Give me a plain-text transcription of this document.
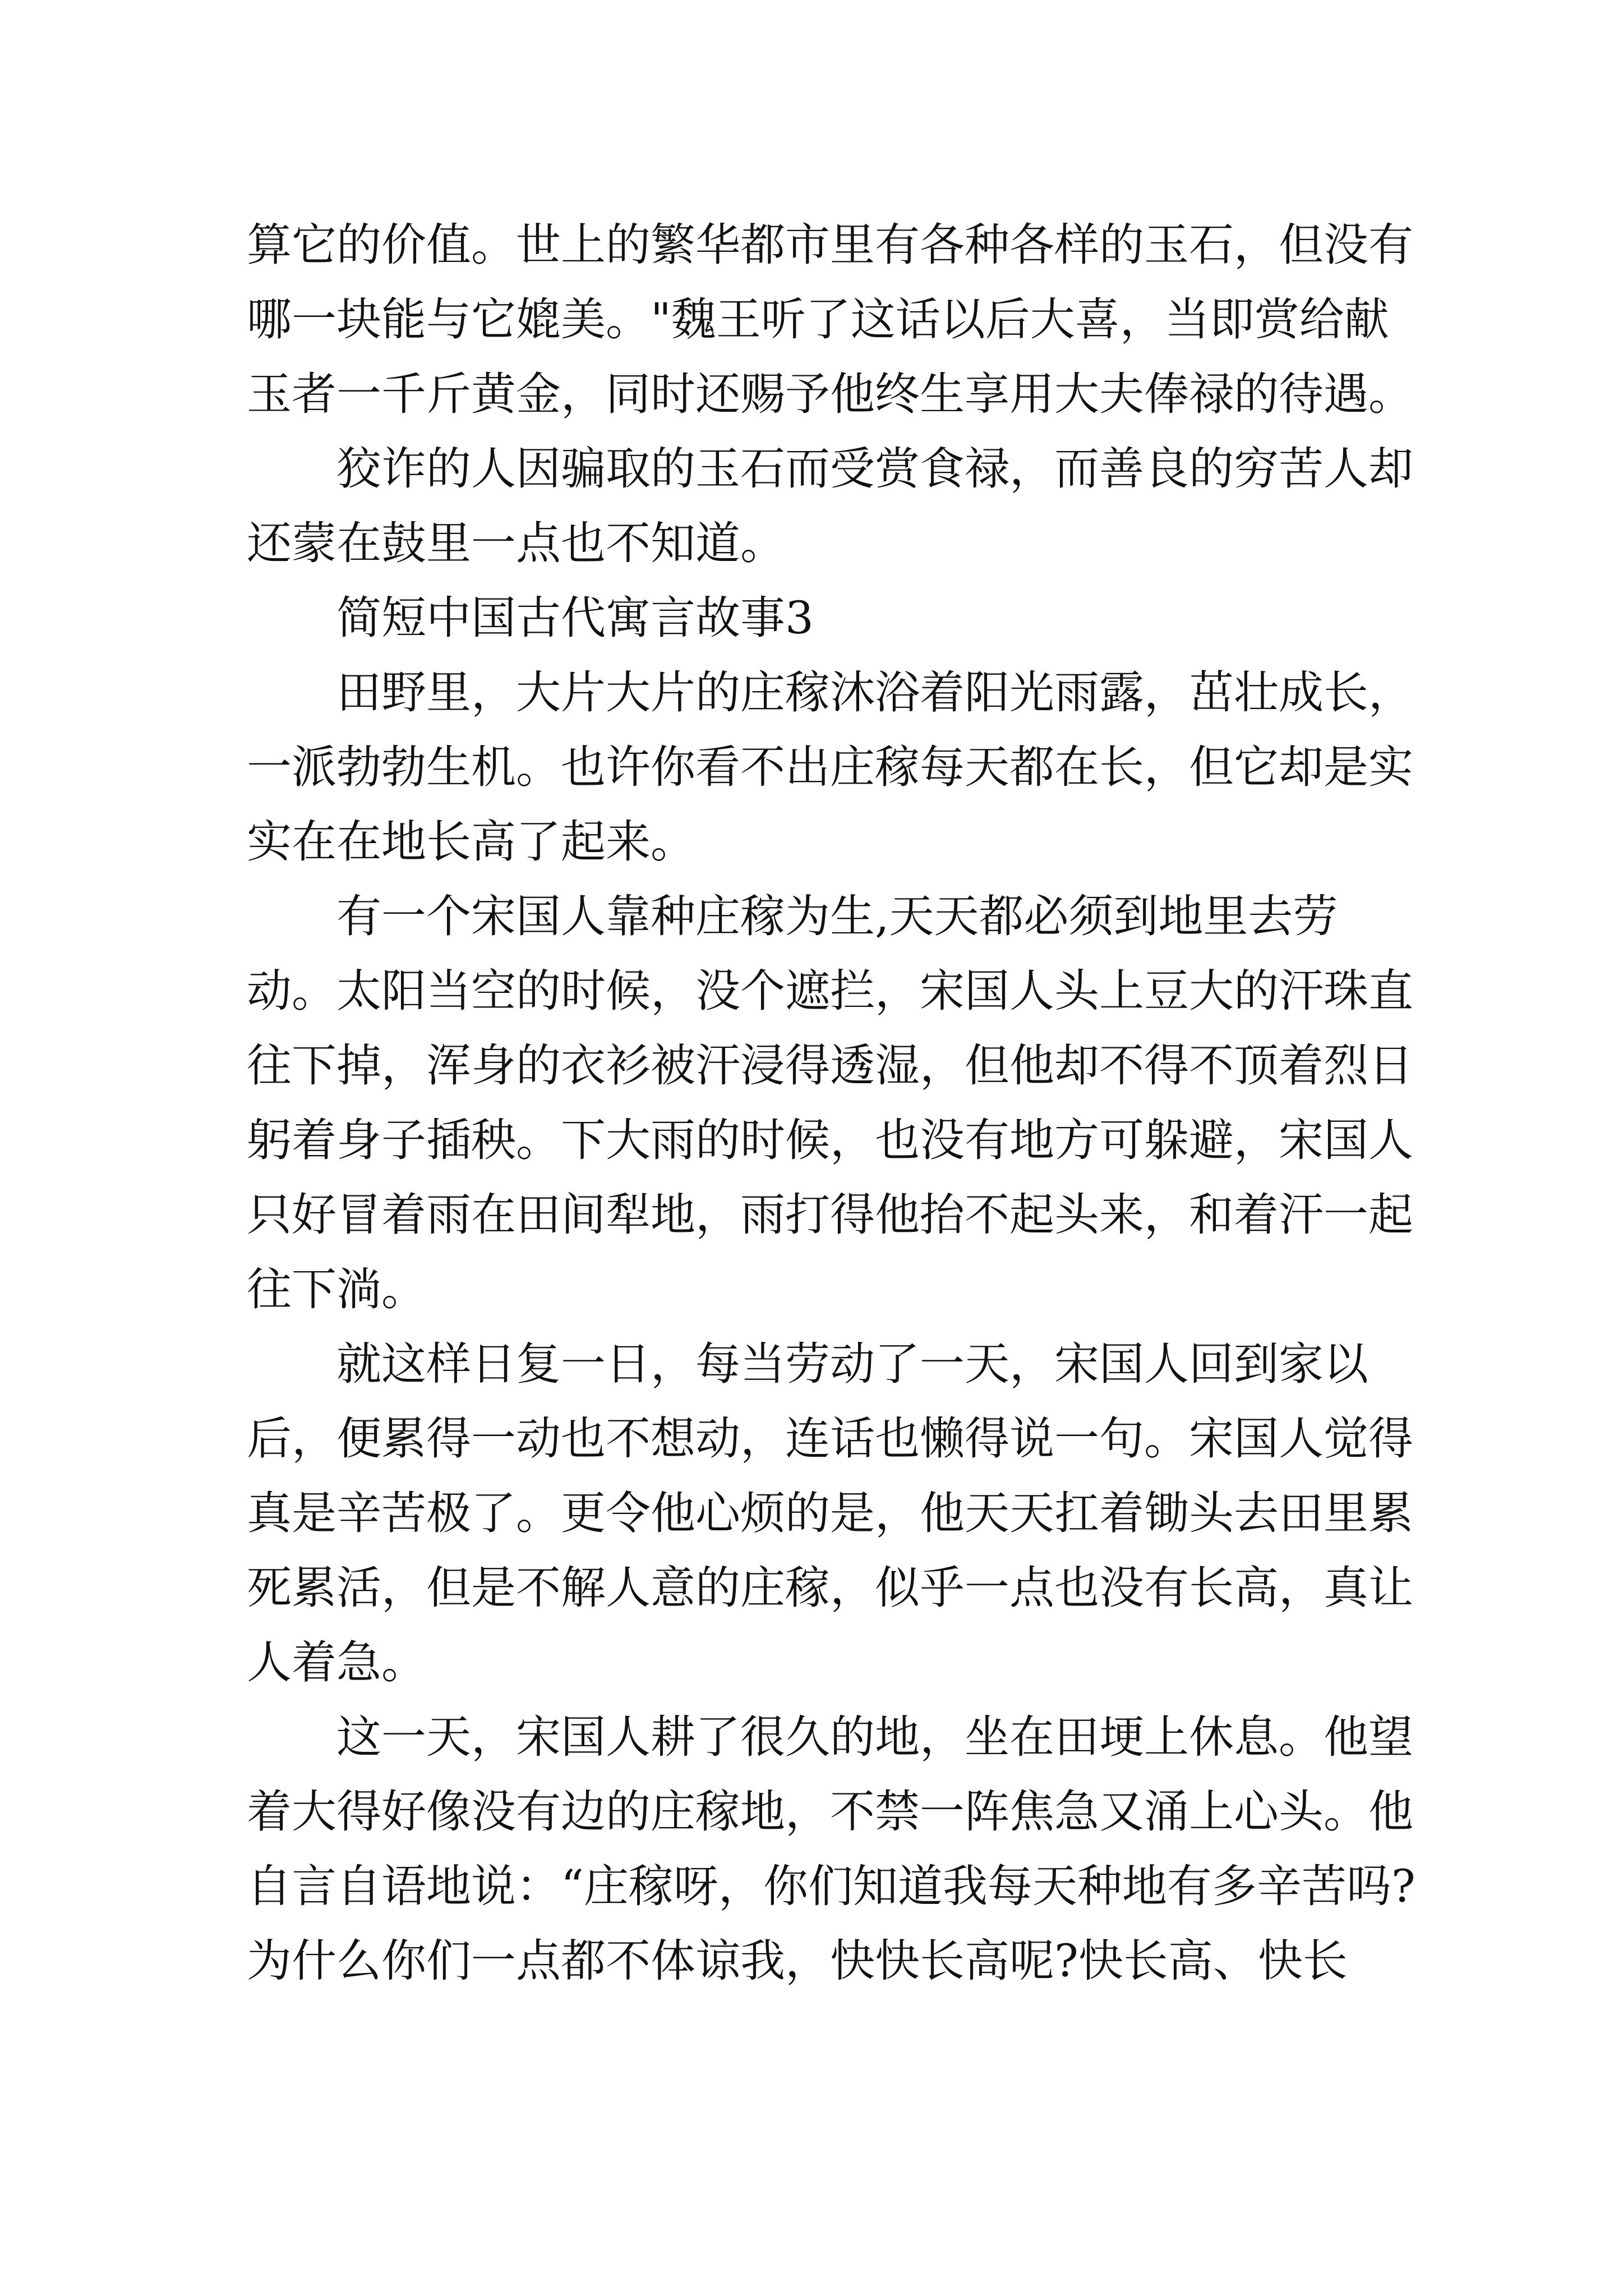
算它的价值。世上的繁华都市里有各种各样的玉石，但没有哪一块能与它媲美。"魏王听了这话以后大喜，当即赏给献玉者一千斤黄金，同时还赐予他终生享用大夫俸禄的待遇。

狡诈的人因骗取的玉石而受赏食禄，而善良的穷苦人却还蒙在鼓里一点也不知道。

简短中国古代寓言故事3

田野里，大片大片的庄稼沐浴着阳光雨露，茁壮成长，一派勃勃生机。也许你看不出庄稼每天都在长，但它却是实实在在地长高了起来。

有一个宋国人靠种庄稼为生,天天都必须到地里去劳动。太阳当空的时候，没个遮拦，宋国人头上豆大的汗珠直往下掉，浑身的衣衫被汗浸得透湿，但他却不得不顶着烈日躬着身子插秧。下大雨的时候，也没有地方可躲避，宋国人只好冒着雨在田间犁地，雨打得他抬不起头来，和着汗一起往下淌。

就这样日复一日，每当劳动了一天，宋国人回到家以后，便累得一动也不想动，连话也懒得说一句。宋国人觉得真是辛苦极了。更令他心烦的是，他天天扛着锄头去田里累死累活，但是不解人意的庄稼，似乎一点也没有长高，真让人着急。

这一天，宋国人耕了很久的地，坐在田埂上休息。他望着大得好像没有边的庄稼地，不禁一阵焦急又涌上心头。他自言自语地说：“庄稼呀，你们知道我每天种地有多辛苦吗?为什么你们一点都不体谅我，快快长高呢?快长高、快长
